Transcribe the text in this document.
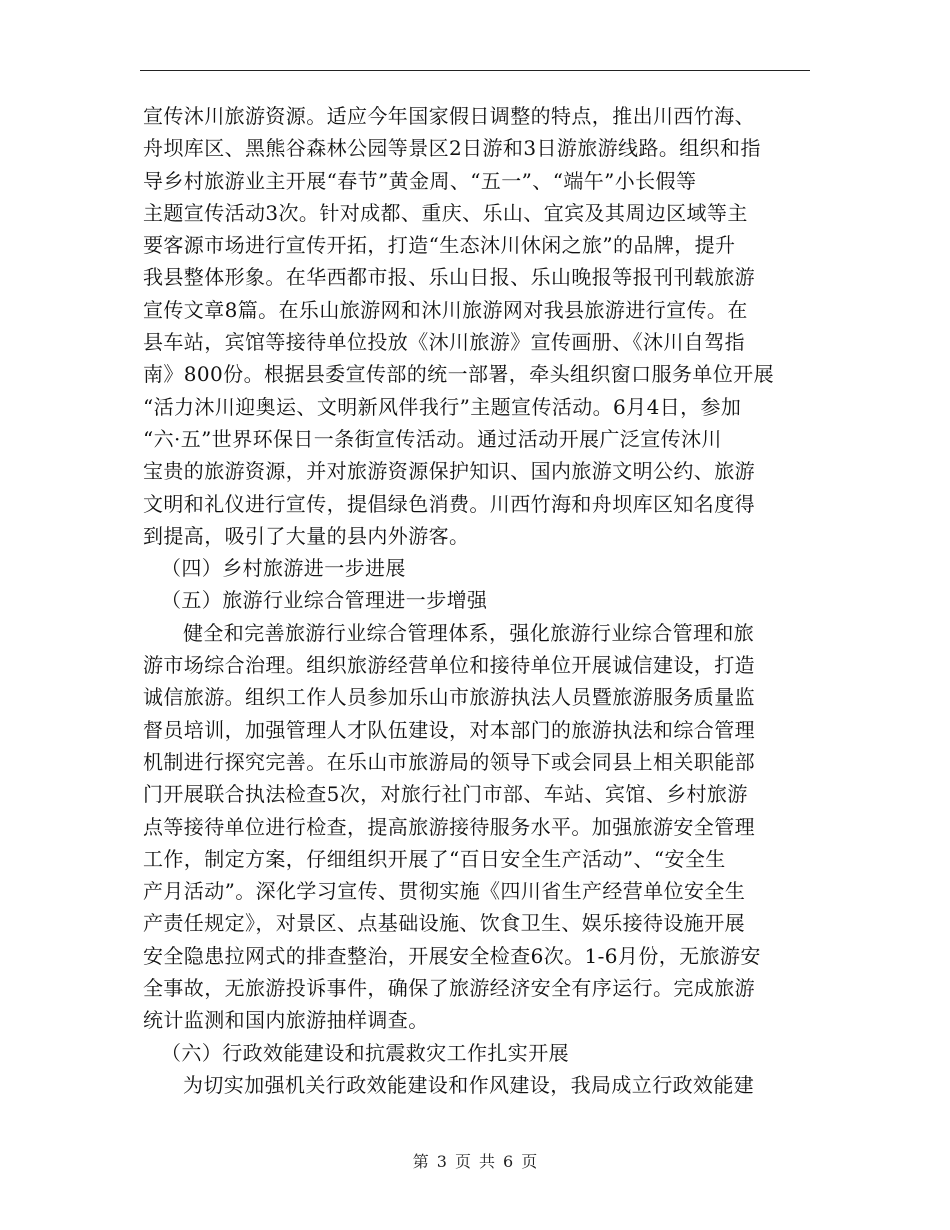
宣传沐川旅游资源。适应今年国家假日调整的特点，推出川西竹海、
舟坝库区、黑熊谷森林公园等景区2日游和3日游旅游线路。组织和指
导乡村旅游业主开展“春节”黄金周、“五一”、“端午”小长假等
主题宣传活动3次。针对成都、重庆、乐山、宜宾及其周边区域等主
要客源市场进行宣传开拓，打造“生态沐川休闲之旅”的品牌，提升
我县整体形象。在华西都市报、乐山日报、乐山晚报等报刊刊载旅游
宣传文章8篇。在乐山旅游网和沐川旅游网对我县旅游进行宣传。在
县车站，宾馆等接待单位投放《沐川旅游》宣传画册、《沐川自驾指
南》800份。根据县委宣传部的统一部署，牵头组织窗口服务单位开展
“活力沐川迎奥运、文明新风伴我行”主题宣传活动。6月4日，参加
“六·五”世界环保日一条街宣传活动。通过活动开展广泛宣传沐川
宝贵的旅游资源，并对旅游资源保护知识、国内旅游文明公约、旅游
文明和礼仪进行宣传，提倡绿色消费。川西竹海和舟坝库区知名度得
到提高，吸引了大量的县内外游客。
（四）乡村旅游进一步进展
（五）旅游行业综合管理进一步增强
健全和完善旅游行业综合管理体系，强化旅游行业综合管理和旅
游市场综合治理。组织旅游经营单位和接待单位开展诚信建设，打造
诚信旅游。组织工作人员参加乐山市旅游执法人员暨旅游服务质量监
督员培训，加强管理人才队伍建设，对本部门的旅游执法和综合管理
机制进行探究完善。在乐山市旅游局的领导下或会同县上相关职能部
门开展联合执法检查5次，对旅行社门市部、车站、宾馆、乡村旅游
点等接待单位进行检查，提高旅游接待服务水平。加强旅游安全管理
工作，制定方案，仔细组织开展了“百日安全生产活动”、“安全生
产月活动”。深化学习宣传、贯彻实施《四川省生产经营单位安全生
产责任规定》，对景区、点基础设施、饮食卫生、娱乐接待设施开展
安全隐患拉网式的排查整治，开展安全检查6次。1-6月份，无旅游安
全事故，无旅游投诉事件，确保了旅游经济安全有序运行。完成旅游
统计监测和国内旅游抽样调查。
（六）行政效能建设和抗震救灾工作扎实开展
为切实加强机关行政效能建设和作风建设，我局成立行政效能建
第 3 页 共 6 页
